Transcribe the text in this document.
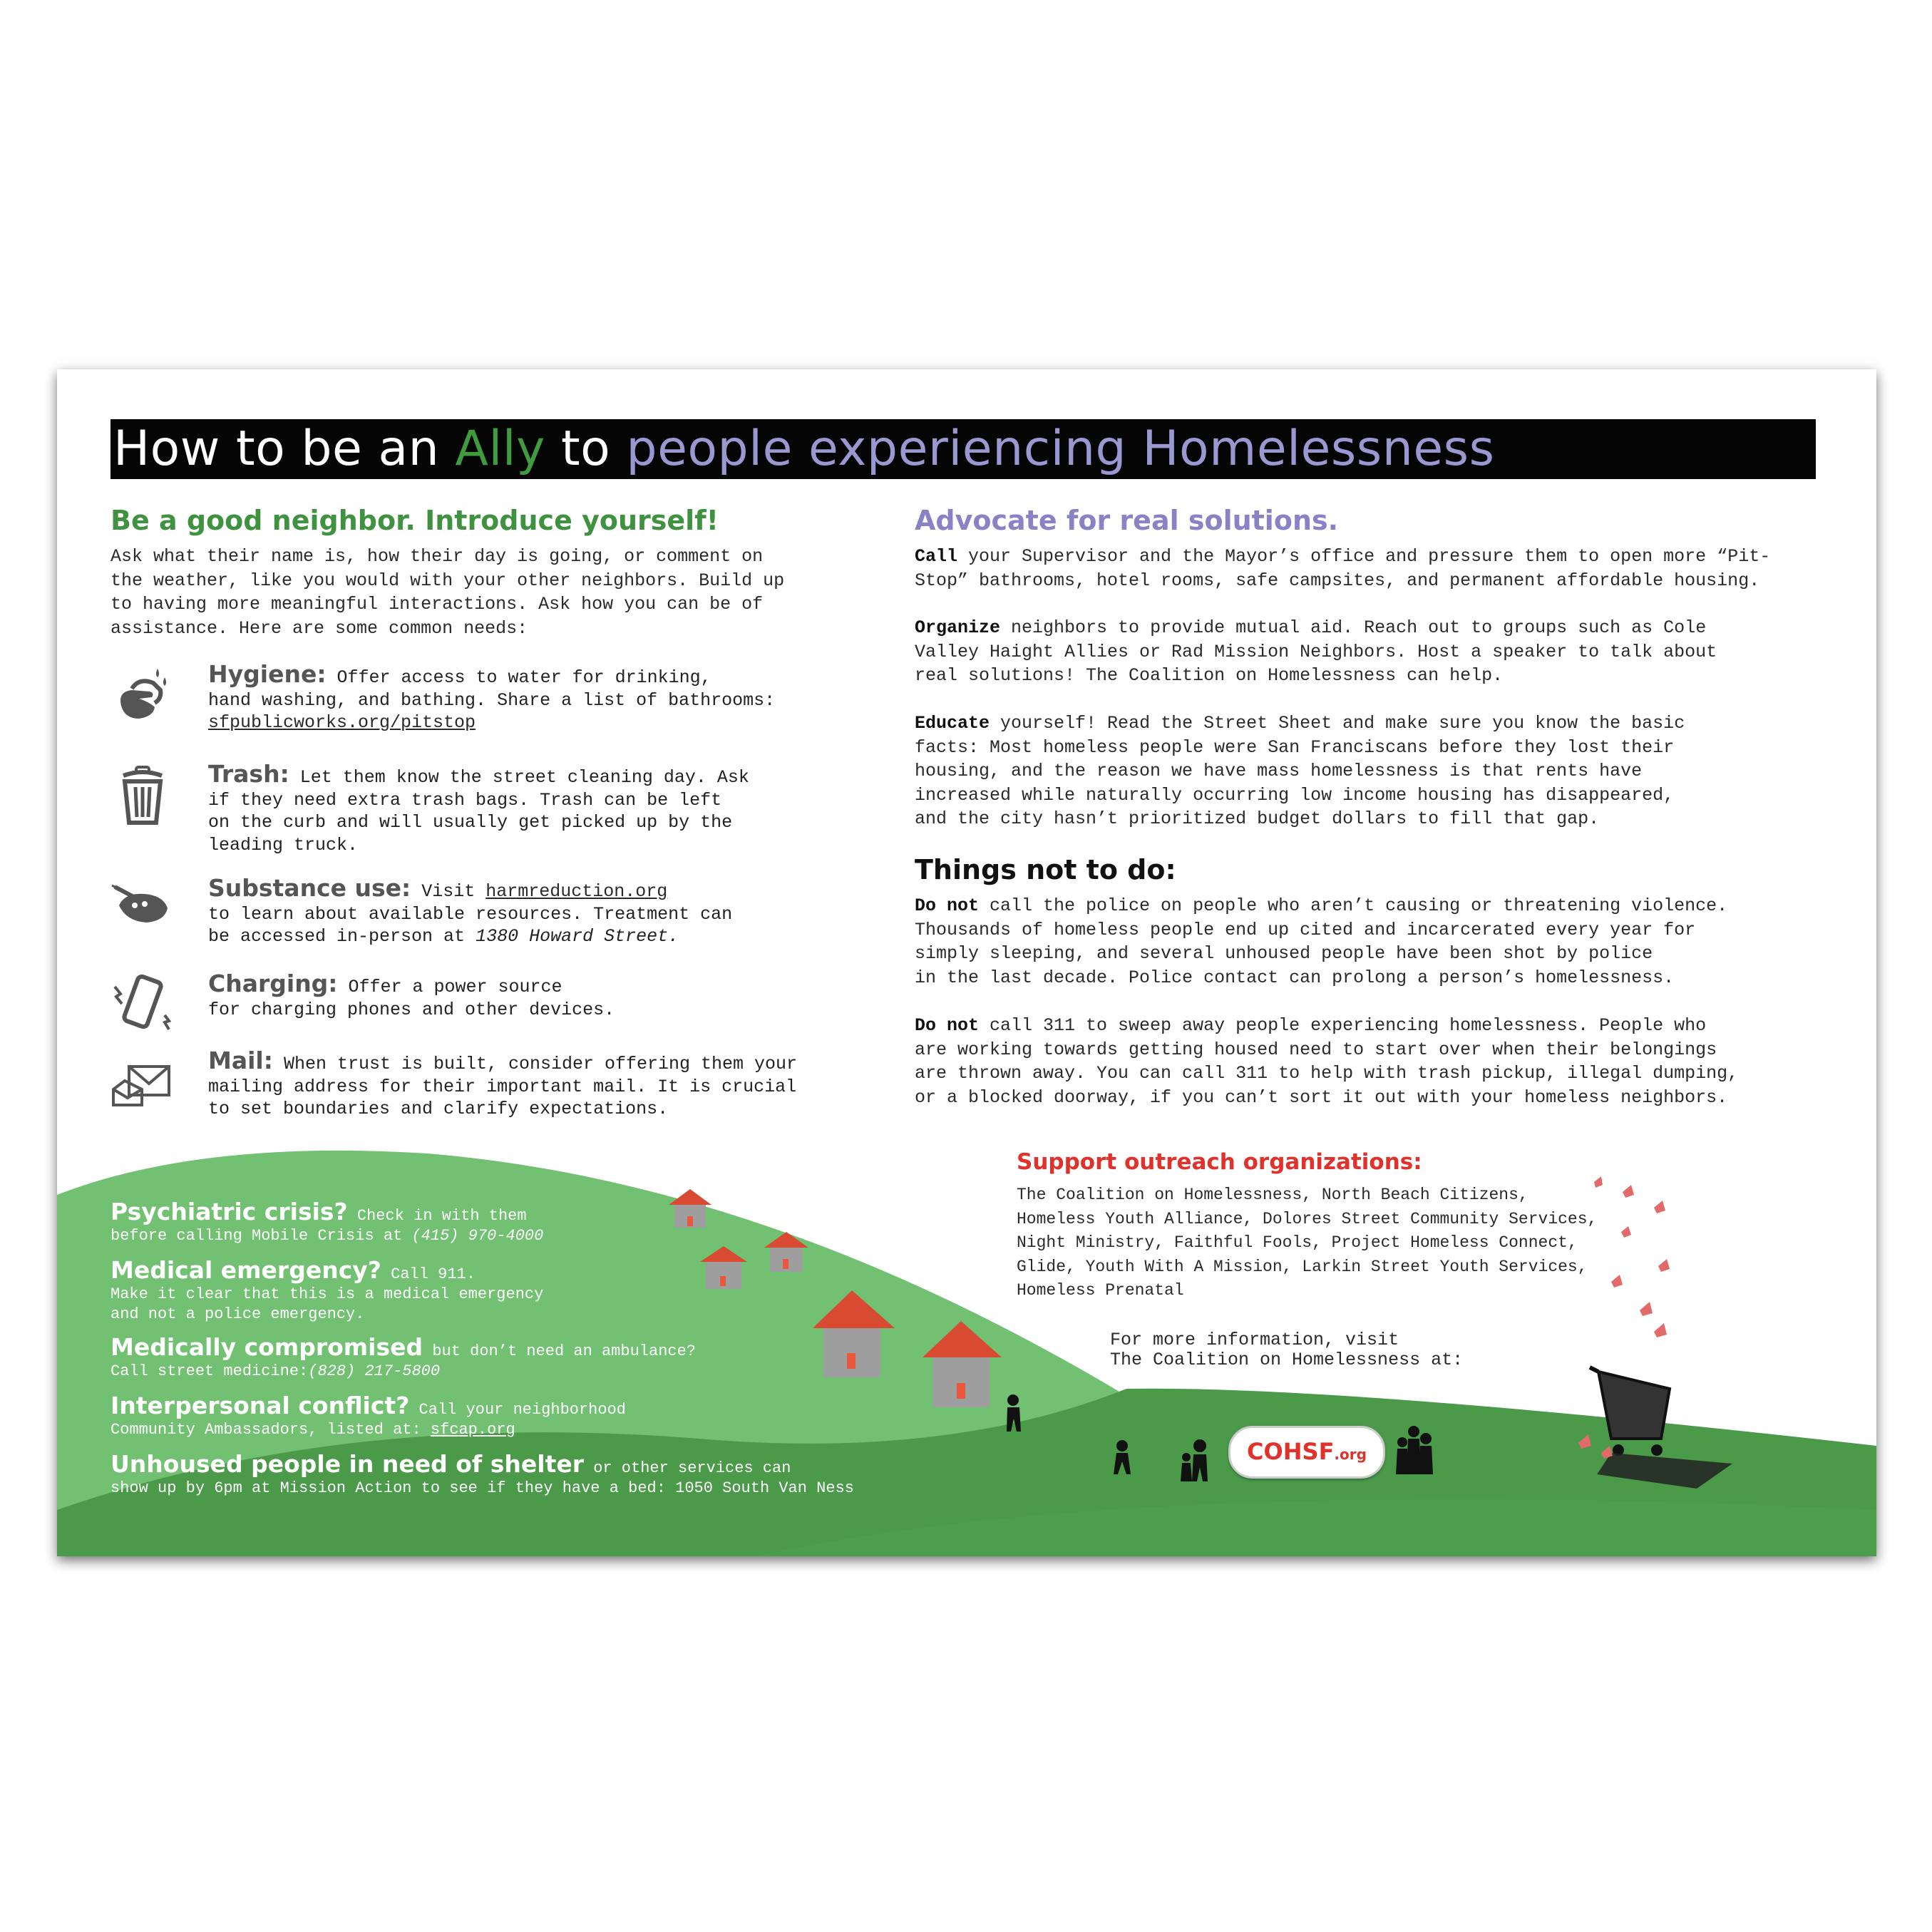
How to be an Ally to people experiencing Homelessness
Be a good neighbor. Introduce yourself!
Ask what their name is, how their day is going, or comment on
the weather, like you would with your other neighbors. Build up
to having more meaningful interactions. Ask how you can be of
assistance. Here are some common needs:
Hygiene: Offer access to water for drinking,
hand washing, and bathing. Share a list of bathrooms:
sfpublicworks.org/pitstop
Trash: Let them know the street cleaning day. Ask
if they need extra trash bags. Trash can be left
on the curb and will usually get picked up by the
leading truck.
Substance use: Visit harmreduction.org
to learn about available resources. Treatment can
be accessed in-person at 1380 Howard Street.
Charging: Offer a power source
for charging phones and other devices.
Mail: When trust is built, consider offering them your
mailing address for their important mail. It is crucial
to set boundaries and clarify expectations.
Advocate for real solutions.
Call your Supervisor and the Mayor’s office and pressure them to open more “Pit-
Stop” bathrooms, hotel rooms, safe campsites, and permanent affordable housing.
Organize neighbors to provide mutual aid. Reach out to groups such as Cole
Valley Haight Allies or Rad Mission Neighbors. Host a speaker to talk about
real solutions! The Coalition on Homelessness can help.
Educate yourself! Read the Street Sheet and make sure you know the basic
facts: Most homeless people were San Franciscans before they lost their
housing, and the reason we have mass homelessness is that rents have
increased while naturally occurring low income housing has disappeared,
and the city hasn’t prioritized budget dollars to fill that gap.
Things not to do:
Do not call the police on people who aren’t causing or threatening violence.
Thousands of homeless people end up cited and incarcerated every year for
simply sleeping, and several unhoused people have been shot by police
in the last decade. Police contact can prolong a person’s homelessness.
Do not call 311 to sweep away people experiencing homelessness. People who
are working towards getting housed need to start over when their belongings
are thrown away. You can call 311 to help with trash pickup, illegal dumping,
or a blocked doorway, if you can’t sort it out with your homeless neighbors.
Support outreach organizations:
The Coalition on Homelessness, North Beach Citizens,
Homeless Youth Alliance, Dolores Street Community Services,
Night Ministry, Faithful Fools, Project Homeless Connect,
Glide, Youth With A Mission, Larkin Street Youth Services,
Homeless Prenatal
For more information, visit
The Coalition on Homelessness at:
COHSF.org
Psychiatric crisis? Check in with them
before calling Mobile Crisis at (415) 970-4000
Medical emergency? Call 911.
Make it clear that this is a medical emergency
and not a police emergency.
Medically compromised but don’t need an ambulance?
Call street medicine:(828) 217-5800
Interpersonal conflict? Call your neighborhood
Community Ambassadors, listed at: sfcap.org
Unhoused people in need of shelter or other services can
show up by 6pm at Mission Action to see if they have a bed: 1050 South Van Ness
